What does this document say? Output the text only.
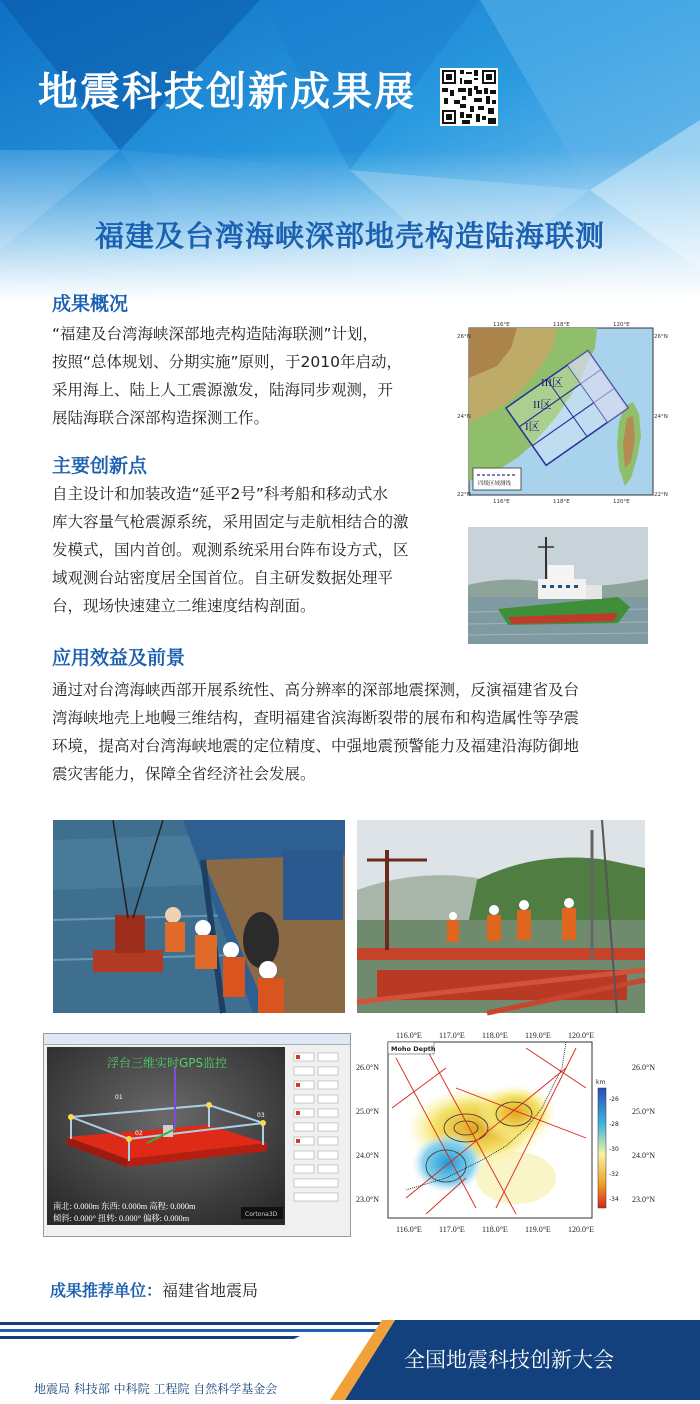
地震科技创新成果展
福建及台湾海峡深部地壳构造陆海联测
成果概况
“福建及台湾海峡深部地壳构造陆海联测”计划，
按照“总体规划、分期实施”原则，于2010年启动，
采用海上、陆上人工震源激发，陆海同步观测，开
展陆海联合深部构造探测工作。
III区
II区
I区
116°E	118°E	120°E
116°E	118°E	120°E
26°N
24°N
22°N
26°N
24°N
22°N
四级区域测线
主要创新点
自主设计和加装改造“延平2号”科考船和移动式水
库大容量气枪震源系统，采用固定与走航相结合的激
发模式，国内首创。观测系统采用台阵布设方式，区
域观测台站密度居全国首位。自主研发数据处理平
台，现场快速建立二维速度结构剖面。
应用效益及前景
通过对台湾海峡西部开展系统性、高分辨率的深部地震探测，反演福建省及台
湾海峡地壳上地幔三维结构，查明福建省滨海断裂带的展布和构造属性等孕震
环境，提高对台湾海峡地震的定位精度、中强地震预警能力及福建沿海防御地
震灾害能力，保障全省经济社会发展。
浮台三维实时GPS监控
01
02
03
南北: 0.000m 东西: 0.000m 高程: 0.000m
倾斜: 0.000° 扭转: 0.000° 偏移: 0.000m	Cortona3D
Moho Depth
km
-26
-28
-30
-32
-34
116.0°E 117.0°E 118.0°E 119.0°E 120.0°E
116.0°E 117.0°E 118.0°E 119.0°E 120.0°E
26.0°N
25.0°N
24.0°N
23.0°N
26.0°N
25.0°N
24.0°N
23.0°N
成果推荐单位：福建省地震局
全国地震科技创新大会
地震局 科技部 中科院 工程院 自然科学基金会
